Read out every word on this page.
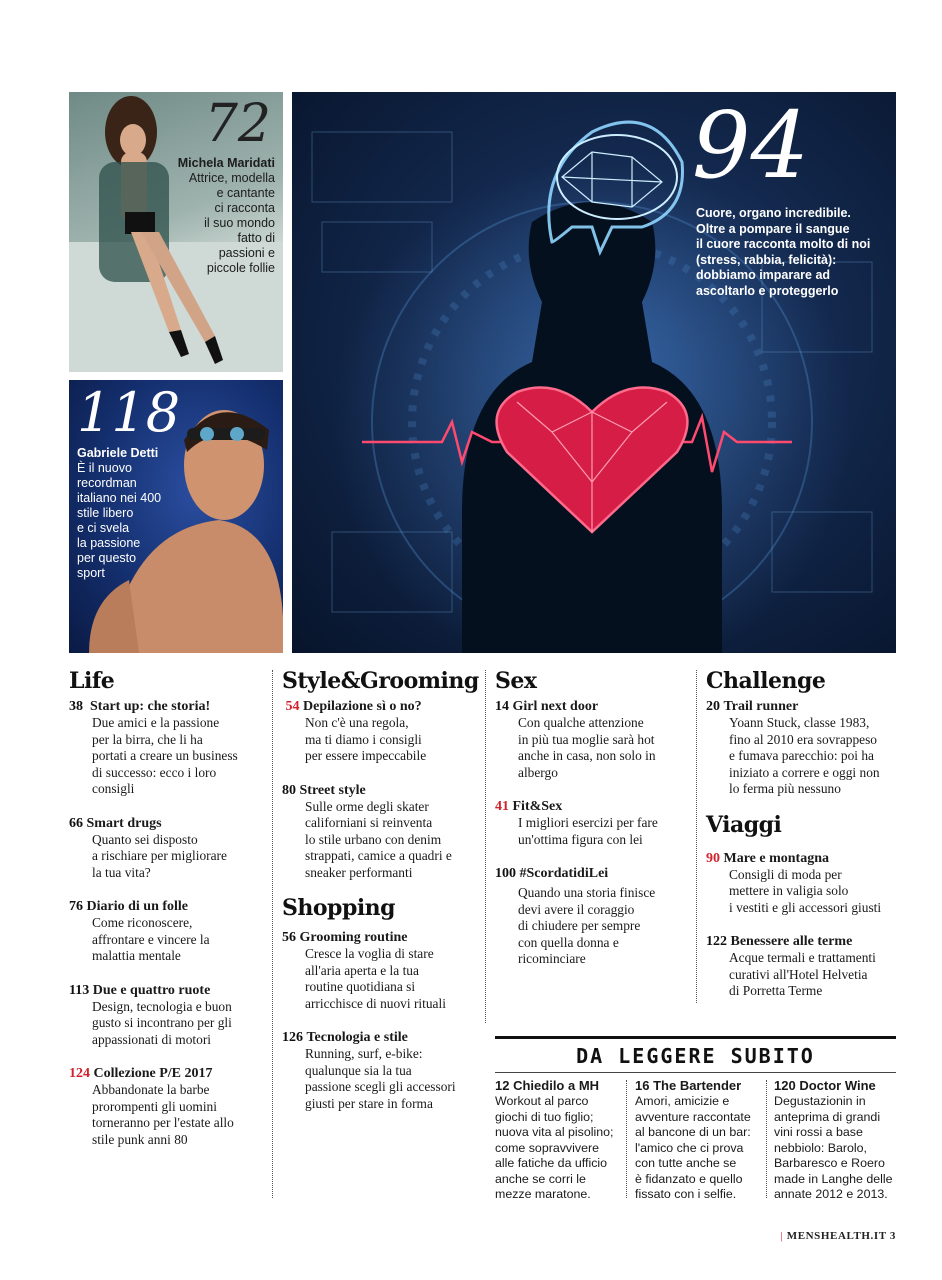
72
Michela Maridati
Attrice, modella
e cantante
ci racconta
il suo mondo
fatto di
passioni e
piccole follie
118
Gabriele Detti
È il nuovo
recordman
italiano nei 400
stile libero
e ci svela
la passione
per questo
sport
94
Cuore, organo incredibile.
Oltre a pompare il sangue
il cuore racconta molto di noi
(stress, rabbia, felicità):
dobbiamo imparare ad
ascoltarlo e proteggerlo
Life
38 Start up: che storia!
Due amici e la passione
per la birra, che li ha
portati a creare un business
di successo: ecco i loro
consigli
66 Smart drugs
Quanto sei disposto
a rischiare per migliorare
la tua vita?
76 Diario di un folle
Come riconoscere,
affrontare e vincere la
malattia mentale
113 Due e quattro ruote
Design, tecnologia e buon
gusto si incontrano per gli
appassionati di motori
124 Collezione P/E 2017
Abbandonate la barbe
prorompenti gli uomini
torneranno per l'estate allo
stile punk anni 80
Style&Grooming
54 Depilazione sì o no?
Non c'è una regola,
ma ti diamo i consigli
per essere impeccabile
80 Street style
Sulle orme degli skater
californiani si reinventa
lo stile urbano con denim
strappati, camice a quadri e
sneaker performanti
Shopping
56 Grooming routine
Cresce la voglia di stare
all'aria aperta e la tua
routine quotidiana si
arricchisce di nuovi rituali
126 Tecnologia e stile
Running, surf, e-bike:
qualunque sia la tua
passione scegli gli accessori
giusti per stare in forma
Sex
14 Girl next door
Con qualche attenzione
in più tua moglie sarà hot
anche in casa, non solo in
albergo
41 Fit&Sex
I migliori esercizi per fare
un'ottima figura con lei
100 #ScordatidiLei
Quando una storia finisce
devi avere il coraggio
di chiudere per sempre
con quella donna e
ricominciare
Challenge
20 Trail runner
Yoann Stuck, classe 1983,
fino al 2010 era sovrappeso
e fumava parecchio: poi ha
iniziato a correre e oggi non
lo ferma più nessuno
Viaggi
90 Mare e montagna
Consigli di moda per
mettere in valigia solo
i vestiti e gli accessori giusti
122 Benessere alle terme
Acque termali e trattamenti
curativi all'Hotel Helvetia
di Porretta Terme
DA LEGGERE SUBITO
12 Chiedilo a MH
Workout al parco
giochi di tuo figlio;
nuova vita al pisolino;
come sopravvivere
alle fatiche da ufficio
anche se corri le
mezze maratone.
16 The Bartender
Amori, amicizie e
avventure raccontate
al bancone di un bar:
l'amico che ci prova
con tutte anche se
è fidanzato e quello
fissato con i selfie.
120 Doctor Wine
Degustazionin in
anteprima di grandi
vini rossi a base
nebbiolo: Barolo,
Barbaresco e Roero
made in Langhe delle
annate 2012 e 2013.
| MENSHEALTH.IT 3
